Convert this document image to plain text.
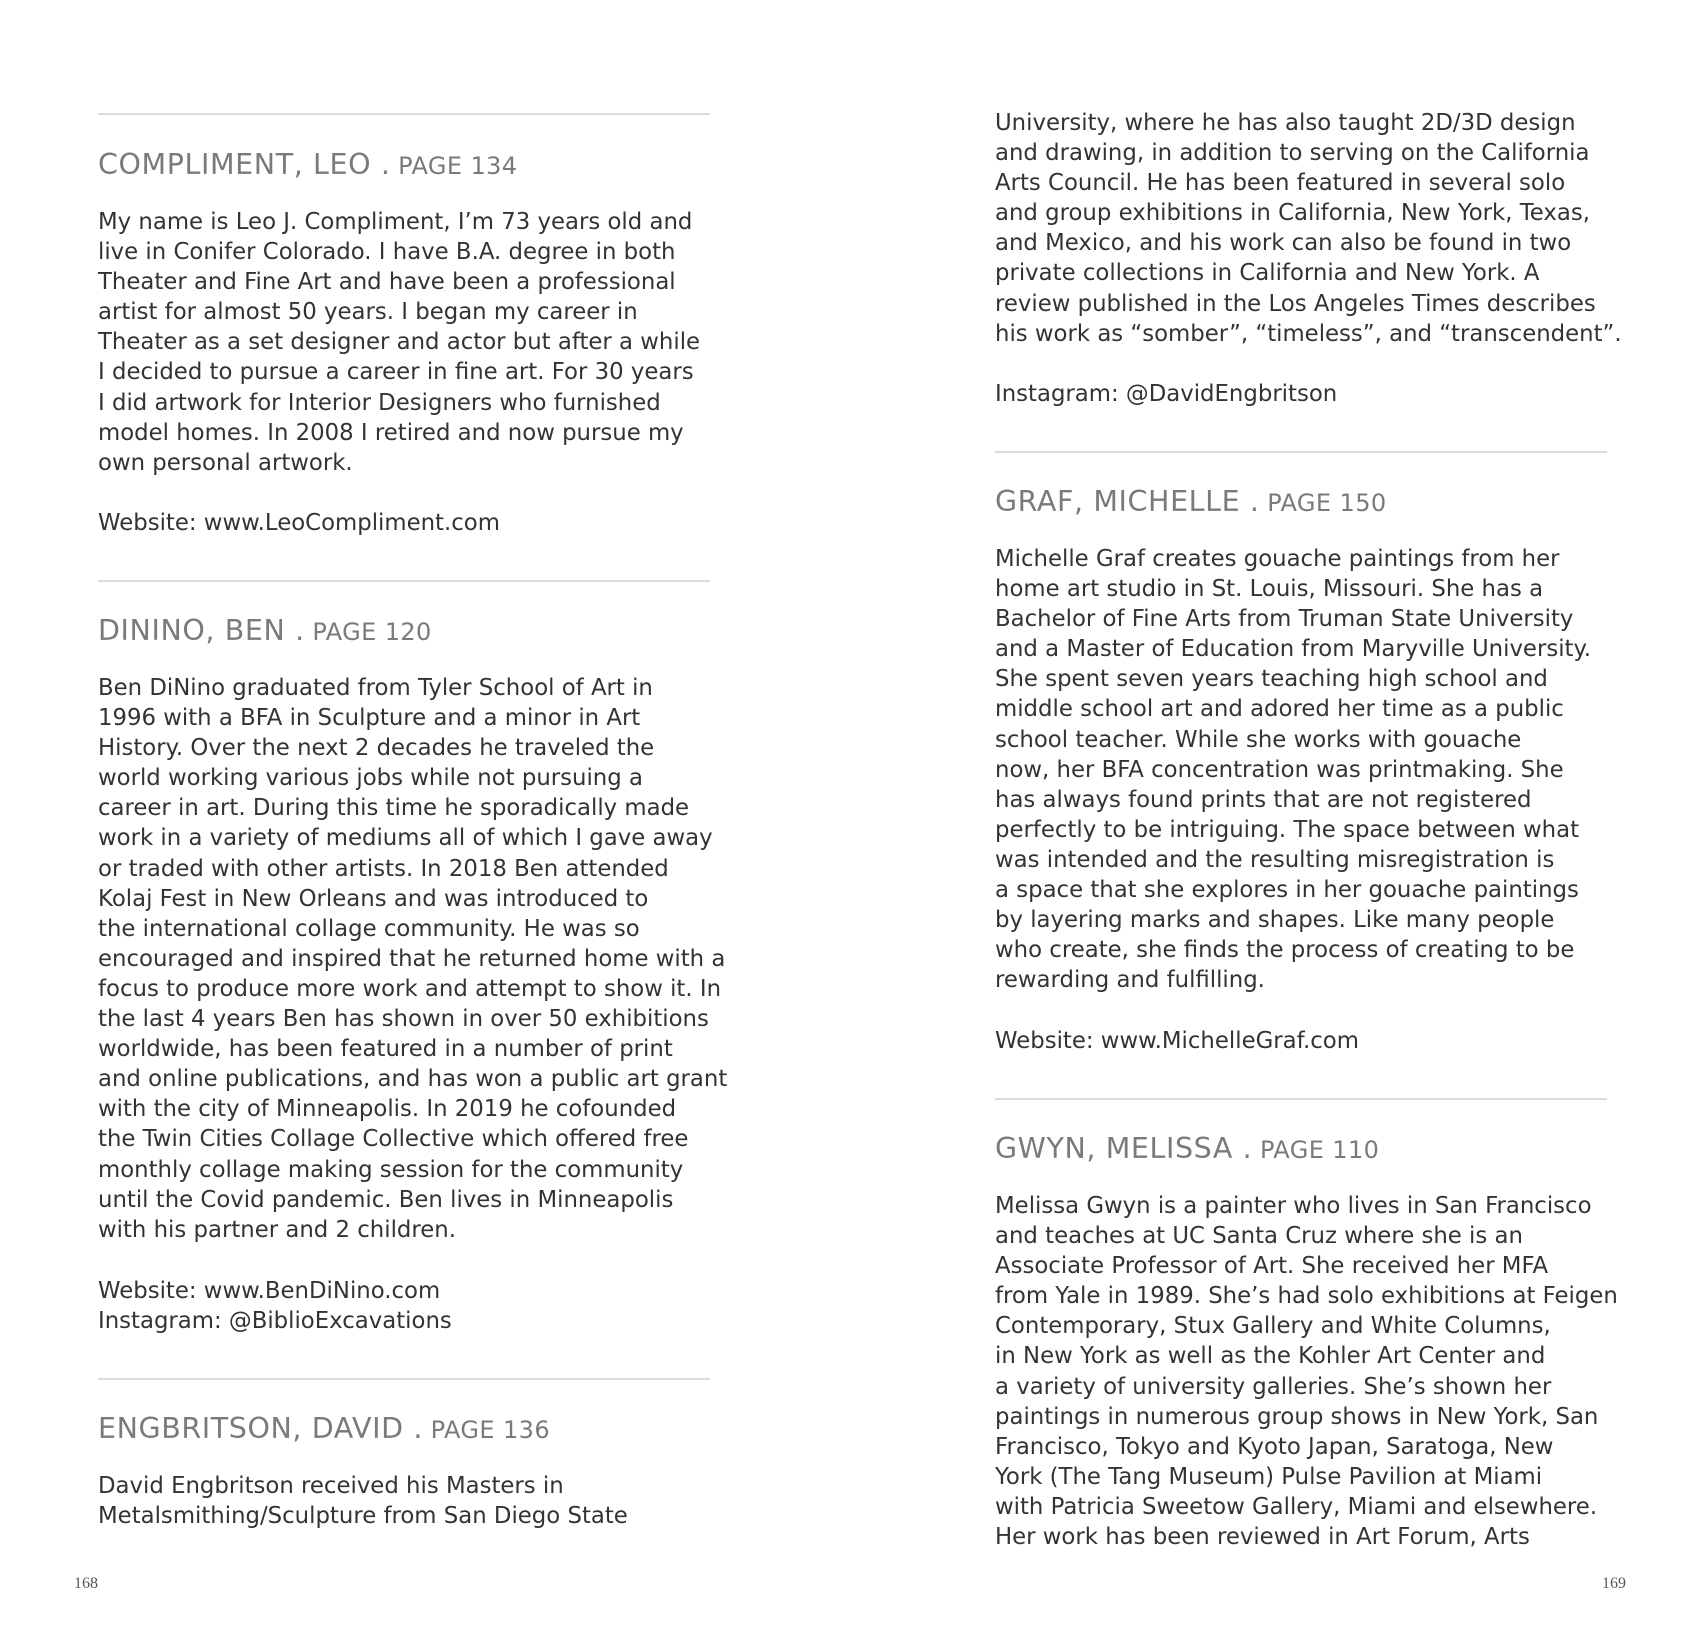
COMPLIMENT, LEO . PAGE 134
My name is Leo J. Compliment, I’m 73 years old and
live in Conifer Colorado. I have B.A. degree in both
Theater and Fine Art and have been a professional
artist for almost 50 years. I began my career in
Theater as a set designer and actor but after a while
I decided to pursue a career in fine art. For 30 years
I did artwork for Interior Designers who furnished
model homes. In 2008 I retired and now pursue my
own personal artwork.
Website: www.LeoCompliment.com
DININO, BEN . PAGE 120
Ben DiNino graduated from Tyler School of Art in
1996 with a BFA in Sculpture and a minor in Art
History. Over the next 2 decades he traveled the
world working various jobs while not pursuing a
career in art. During this time he sporadically made
work in a variety of mediums all of which I gave away
or traded with other artists. In 2018 Ben attended
Kolaj Fest in New Orleans and was introduced to
the international collage community. He was so
encouraged and inspired that he returned home with a
focus to produce more work and attempt to show it. In
the last 4 years Ben has shown in over 50 exhibitions
worldwide, has been featured in a number of print
and online publications, and has won a public art grant
with the city of Minneapolis. In 2019 he cofounded
the Twin Cities Collage Collective which offered free
monthly collage making session for the community
until the Covid pandemic. Ben lives in Minneapolis
with his partner and 2 children.
Website: www.BenDiNino.com
Instagram: @BiblioExcavations
ENGBRITSON, DAVID . PAGE 136
David Engbritson received his Masters in
Metalsmithing/Sculpture from San Diego State

168

University, where he has also taught 2D/3D design
and drawing, in addition to serving on the California
Arts Council. He has been featured in several solo
and group exhibitions in California, New York, Texas,
and Mexico, and his work can also be found in two
private collections in California and New York. A
review published in the Los Angeles Times describes
his work as “somber”, “timeless”, and “transcendent”.
Instagram: @DavidEngbritson
GRAF, MICHELLE . PAGE 150
Michelle Graf creates gouache paintings from her
home art studio in St. Louis, Missouri. She has a
Bachelor of Fine Arts from Truman State University
and a Master of Education from Maryville University.
She spent seven years teaching high school and
middle school art and adored her time as a public
school teacher. While she works with gouache
now, her BFA concentration was printmaking. She
has always found prints that are not registered
perfectly to be intriguing. The space between what
was intended and the resulting misregistration is
a space that she explores in her gouache paintings
by layering marks and shapes. Like many people
who create, she finds the process of creating to be
rewarding and fulfilling.
Website: www.MichelleGraf.com
GWYN, MELISSA . PAGE 110
Melissa Gwyn is a painter who lives in San Francisco
and teaches at UC Santa Cruz where she is an
Associate Professor of Art. She received her MFA
from Yale in 1989. She’s had solo exhibitions at Feigen
Contemporary, Stux Gallery and White Columns,
in New York as well as the Kohler Art Center and
a variety of university galleries. She’s shown her
paintings in numerous group shows in New York, San
Francisco, Tokyo and Kyoto Japan, Saratoga, New
York (The Tang Museum) Pulse Pavilion at Miami
with Patricia Sweetow Gallery, Miami and elsewhere.
Her work has been reviewed in Art Forum, Arts

169
